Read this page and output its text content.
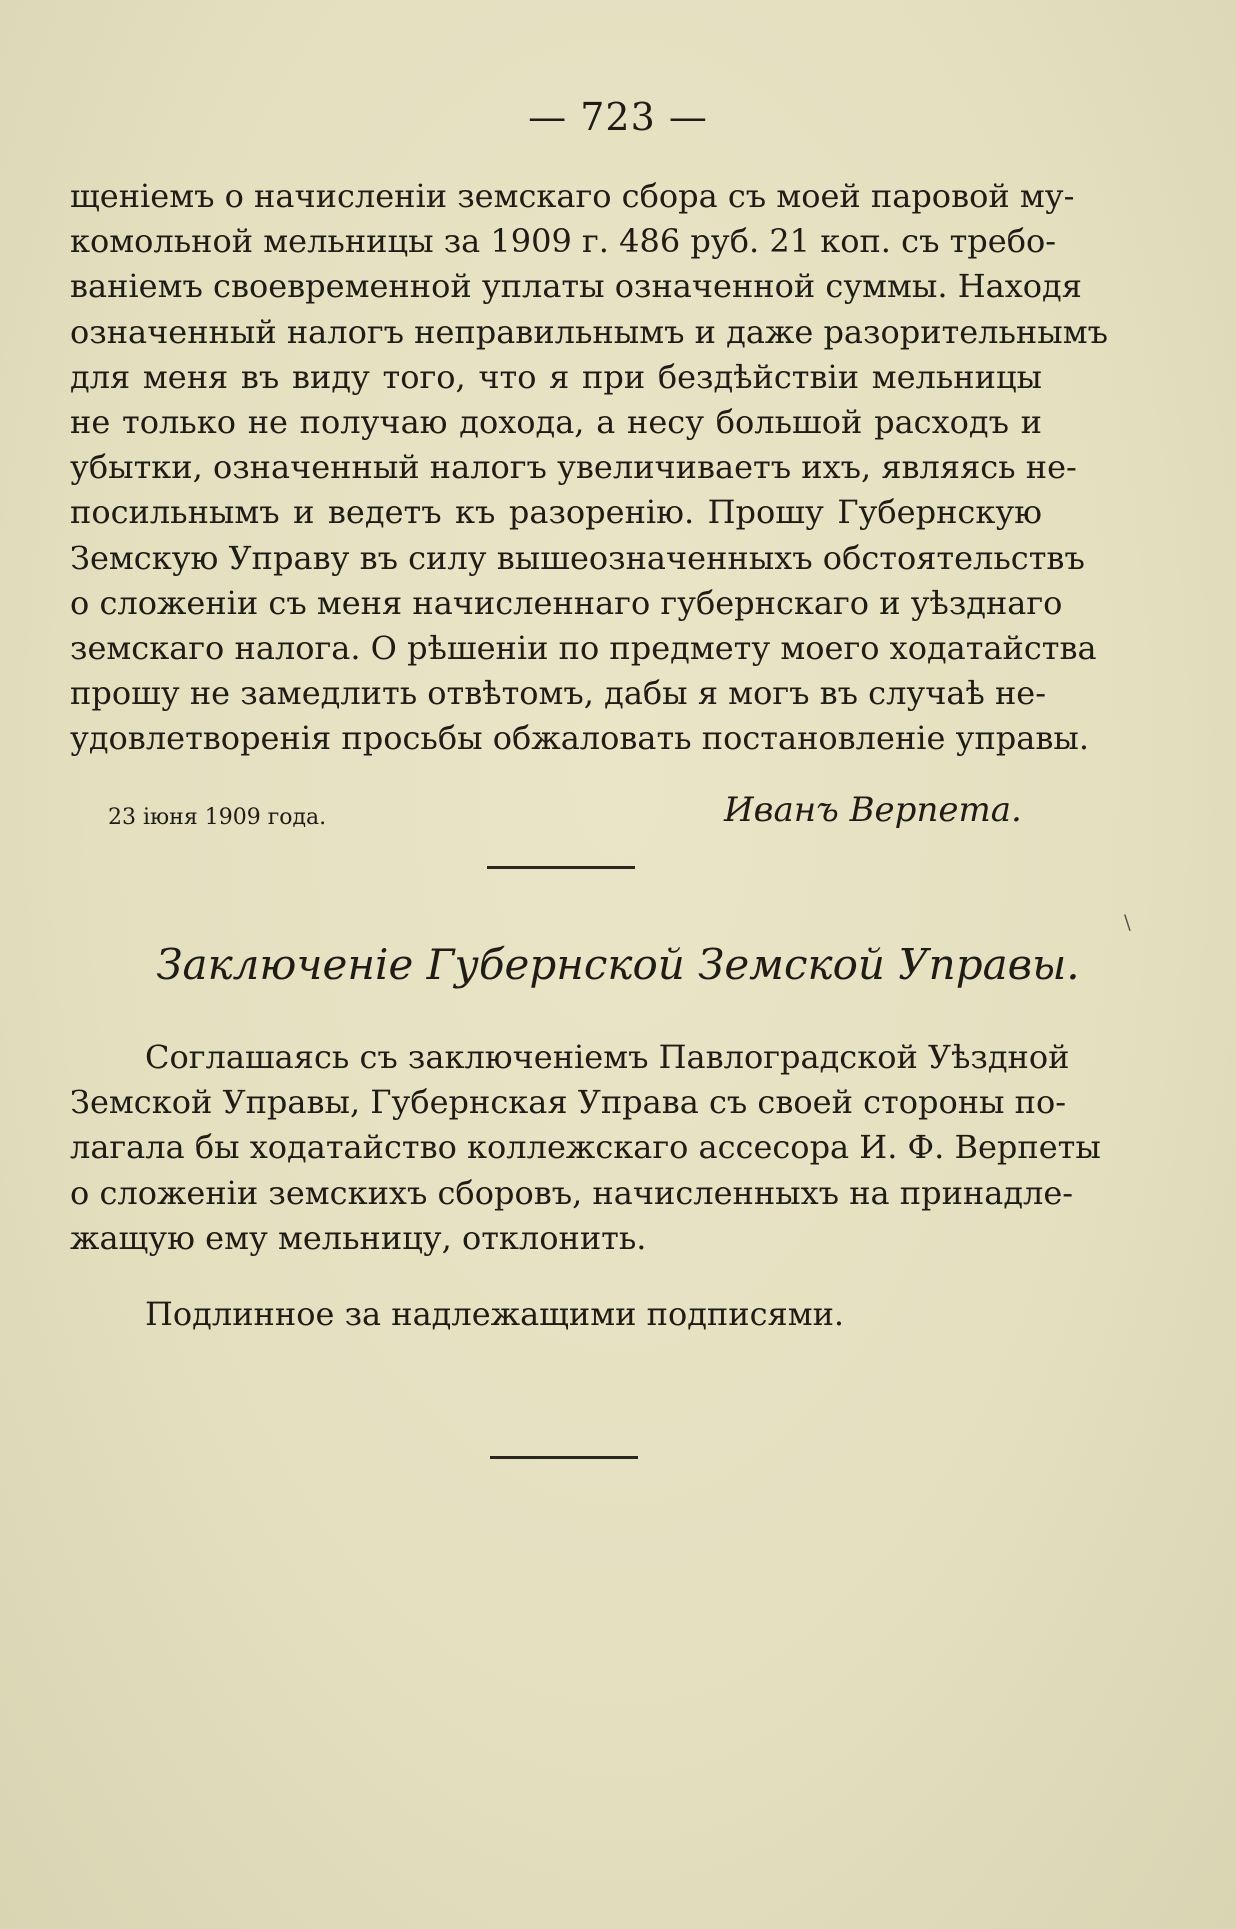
— 723 —
щеніемъ о начисленіи земскаго сбора съ моей паровой му-
комольной мельницы за 1909 г. 486 руб. 21 коп. съ требо-
ваніемъ своевременной уплаты означенной суммы. Находя
означенный налогъ неправильнымъ и даже разорительнымъ
для меня въ виду того, что я при бездѣйствіи мельницы
не только не получаю дохода, а несу большой расходъ и
убытки, означенный налогъ увеличиваетъ ихъ, являясь не-
посильнымъ и ведетъ къ разоренію. Прошу Губернскую
Земскую Управу въ силу вышеозначенныхъ обстоятельствъ
о сложеніи съ меня начисленнаго губернскаго и уѣзднаго
земскаго налога. О рѣшеніи по предмету моего ходатайства
прошу не замедлить отвѣтомъ, дабы я могъ въ случаѣ не-
удовлетворенія просьбы обжаловать постановленіе управы.
23 іюня 1909 года.	Иванъ Верпета.
\
Заключеніе Губернской Земской Управы.
Соглашаясь съ заключеніемъ Павлоградской Уѣздной
Земской Управы, Губернская Управа съ своей стороны по-
лагала бы ходатайство коллежскаго ассесора И. Ф. Верпеты
о сложеніи земскихъ сборовъ, начисленныхъ на принадле-
жащую ему мельницу, отклонить.
Подлинное за надлежащими подписями.
